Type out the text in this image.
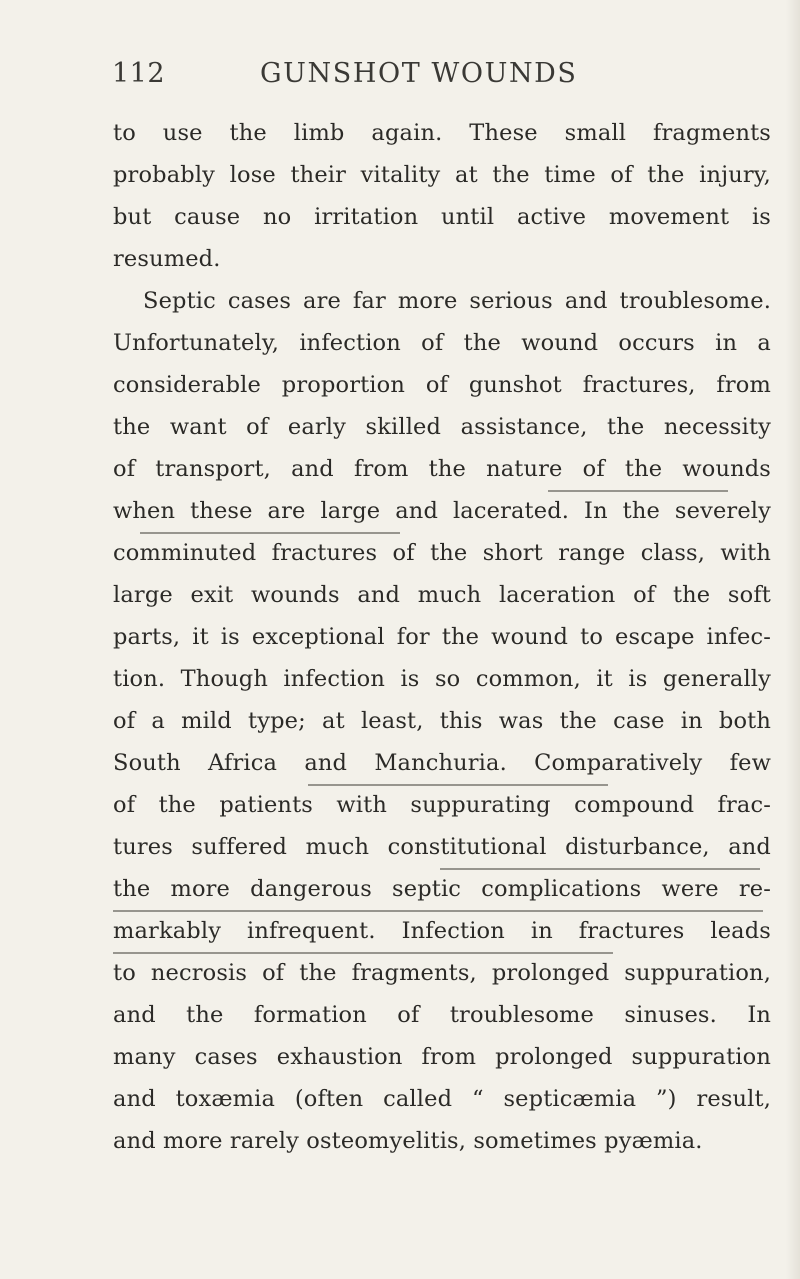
112	GUNSHOT WOUNDS
to use the limb again. These small fragments
probably lose their vitality at the time of the injury,
but cause no irritation until active movement is
resumed.
Septic cases are far more serious and troublesome.
Unfortunately, infection of the wound occurs in a
considerable proportion of gunshot fractures, from
the want of early skilled assistance, the necessity
of transport, and from the nature of the wounds
when these are large and lacerated. In the severely
comminuted fractures of the short range class, with
large exit wounds and much laceration of the soft
parts, it is exceptional for the wound to escape infec-
tion. Though infection is so common, it is generally
of a mild type; at least, this was the case in both
South Africa and Manchuria. Comparatively few
of the patients with suppurating compound frac-
tures suffered much constitutional disturbance, and
the more dangerous septic complications were re-
markably infrequent. Infection in fractures leads
to necrosis of the fragments, prolonged suppuration,
and the formation of troublesome sinuses. In
many cases exhaustion from prolonged suppuration
and toxæmia (often called “ septicæmia ”) result,
and more rarely osteomyelitis, sometimes pyæmia.
